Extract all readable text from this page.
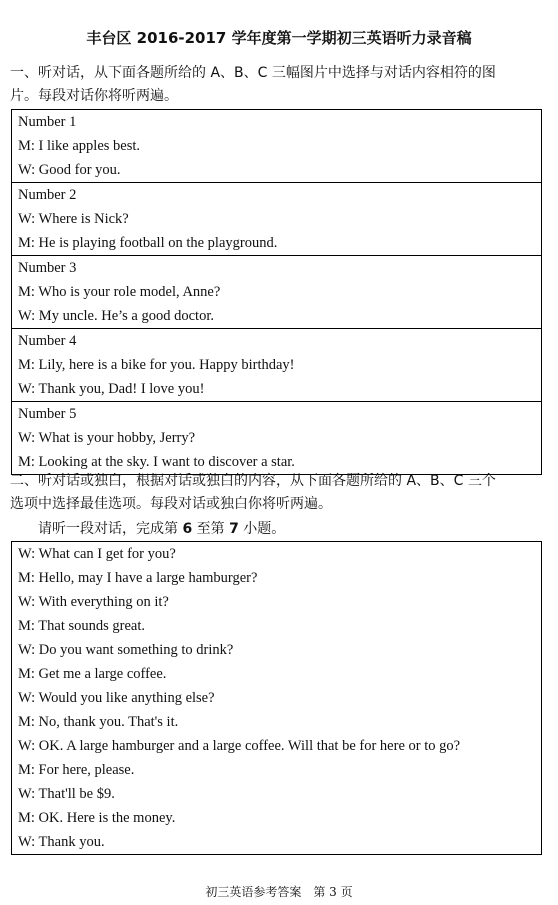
丰台区 2016-2017 学年度第一学期初三英语听力录音稿
一、听对话，从下面各题所给的 A、B、C 三幅图片中选择与对话内容相符的图
片。每段对话你将听两遍。
Number 1
M: I like apples best.
W: Good for you.
Number 2
W: Where is Nick?
M: He is playing football on the playground.
Number 3
M: Who is your role model, Anne?
W: My uncle. He’s a good doctor.
Number 4
M: Lily, here is a bike for you. Happy birthday!
W: Thank you, Dad! I love you!
Number 5
W: What is your hobby, Jerry?
M: Looking at the sky. I want to discover a star.
二、听对话或独白，根据对话或独白的内容，从下面各题所给的 A、B、C 三个
选项中选择最佳选项。每段对话或独白你将听两遍。
请听一段对话，完成第 6 至第 7 小题。
W: What can I get for you?
M: Hello, may I have a large hamburger?
W: With everything on it?
M: That sounds great.
W: Do you want something to drink?
M: Get me a large coffee.
W: Would you like anything else?
M: No, thank you. That's it.
W: OK. A large hamburger and a large coffee. Will that be for here or to go?
M: For here, please.
W: That'll be $9.
M: OK. Here is the money.
W: Thank you.
初三英语参考答案　第 3 页
